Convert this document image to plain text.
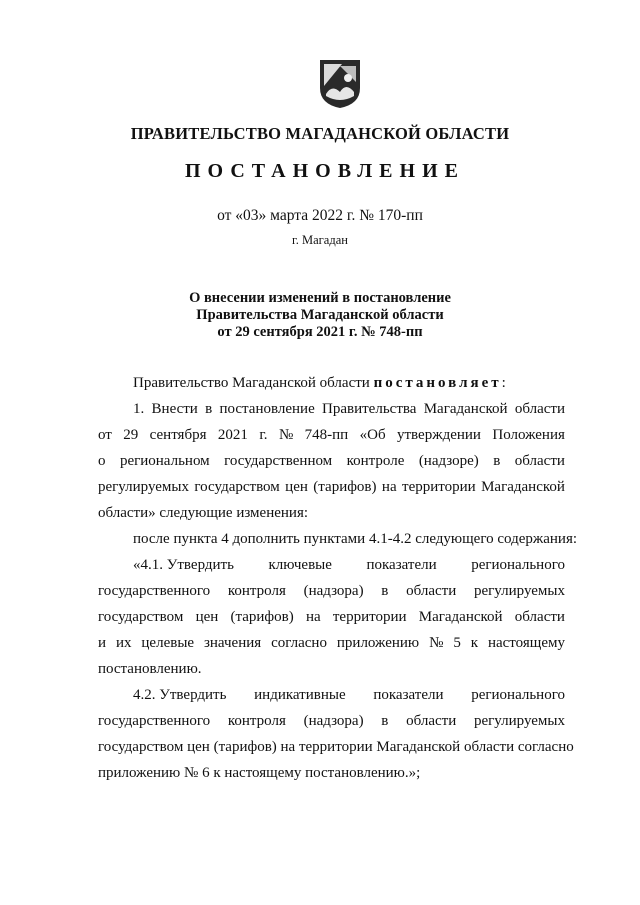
ПРАВИТЕЛЬСТВО МАГАДАНСКОЙ ОБЛАСТИ
ПОСТАНОВЛЕНИЕ
от «03» марта 2022 г. № 170-пп
г. Магадан
О внесении изменений в постановление
Правительства Магаданской области
от 29 сентября 2021 г. № 748-пп
Правительство Магаданской области постановляет:
1. Внести в постановление Правительства Магаданской области
от 29 сентября 2021 г. № 748-пп «Об утверждении Положения
о региональном государственном контроле (надзоре) в области
регулируемых государством цен (тарифов) на территории Магаданской
области» следующие изменения:
после пункта 4 дополнить пунктами 4.1-4.2 следующего содержания:
«4.1. Утвердить ключевые показатели регионального
государственного контроля (надзора) в области регулируемых
государством цен (тарифов) на территории Магаданской области
и их целевые значения согласно приложению № 5 к настоящему
постановлению.
4.2. Утвердить индикативные показатели регионального
государственного контроля (надзора) в области регулируемых
государством цен (тарифов) на территории Магаданской области согласно
приложению № 6 к настоящему постановлению.»;
